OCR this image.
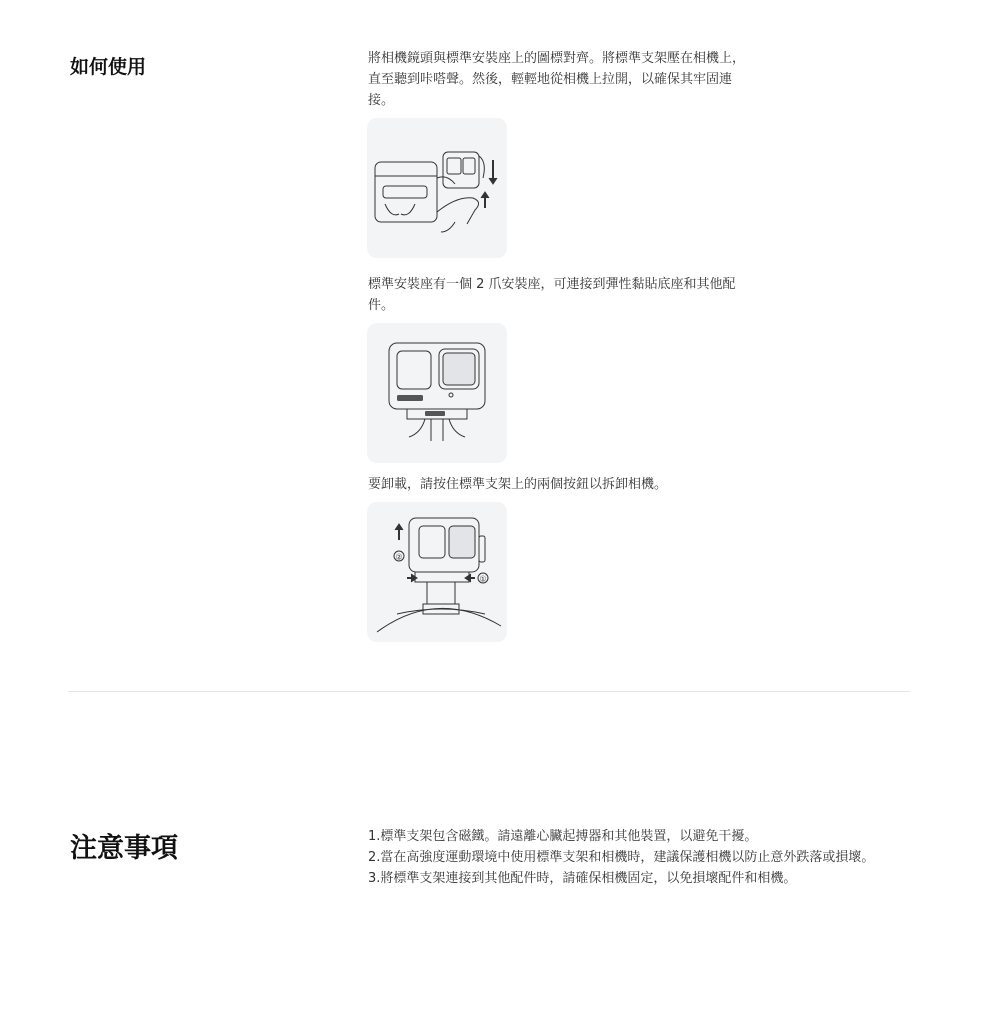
如何使用	將相機鏡頭與標準安裝座上的圖標對齊。將標準支架壓在相機上，直至聽到咔嗒聲。然後，輕輕地從相機上拉開，以確保其牢固連接。

標準安裝座有一個 2 爪安裝座，可連接到彈性黏貼底座和其他配件。

要卸載，請按住標準支架上的兩個按鈕以拆卸相機。

②
①
注意事項	1. 標準支架包含磁鐵。請遠離心臟起搏器和其他裝置，以避免干擾。
2. 當在高強度運動環境中使用標準支架和相機時，建議保護相機以防止意外跌落或損壞。
3. 將標準支架連接到其他配件時，請確保相機固定，以免損壞配件和相機。
